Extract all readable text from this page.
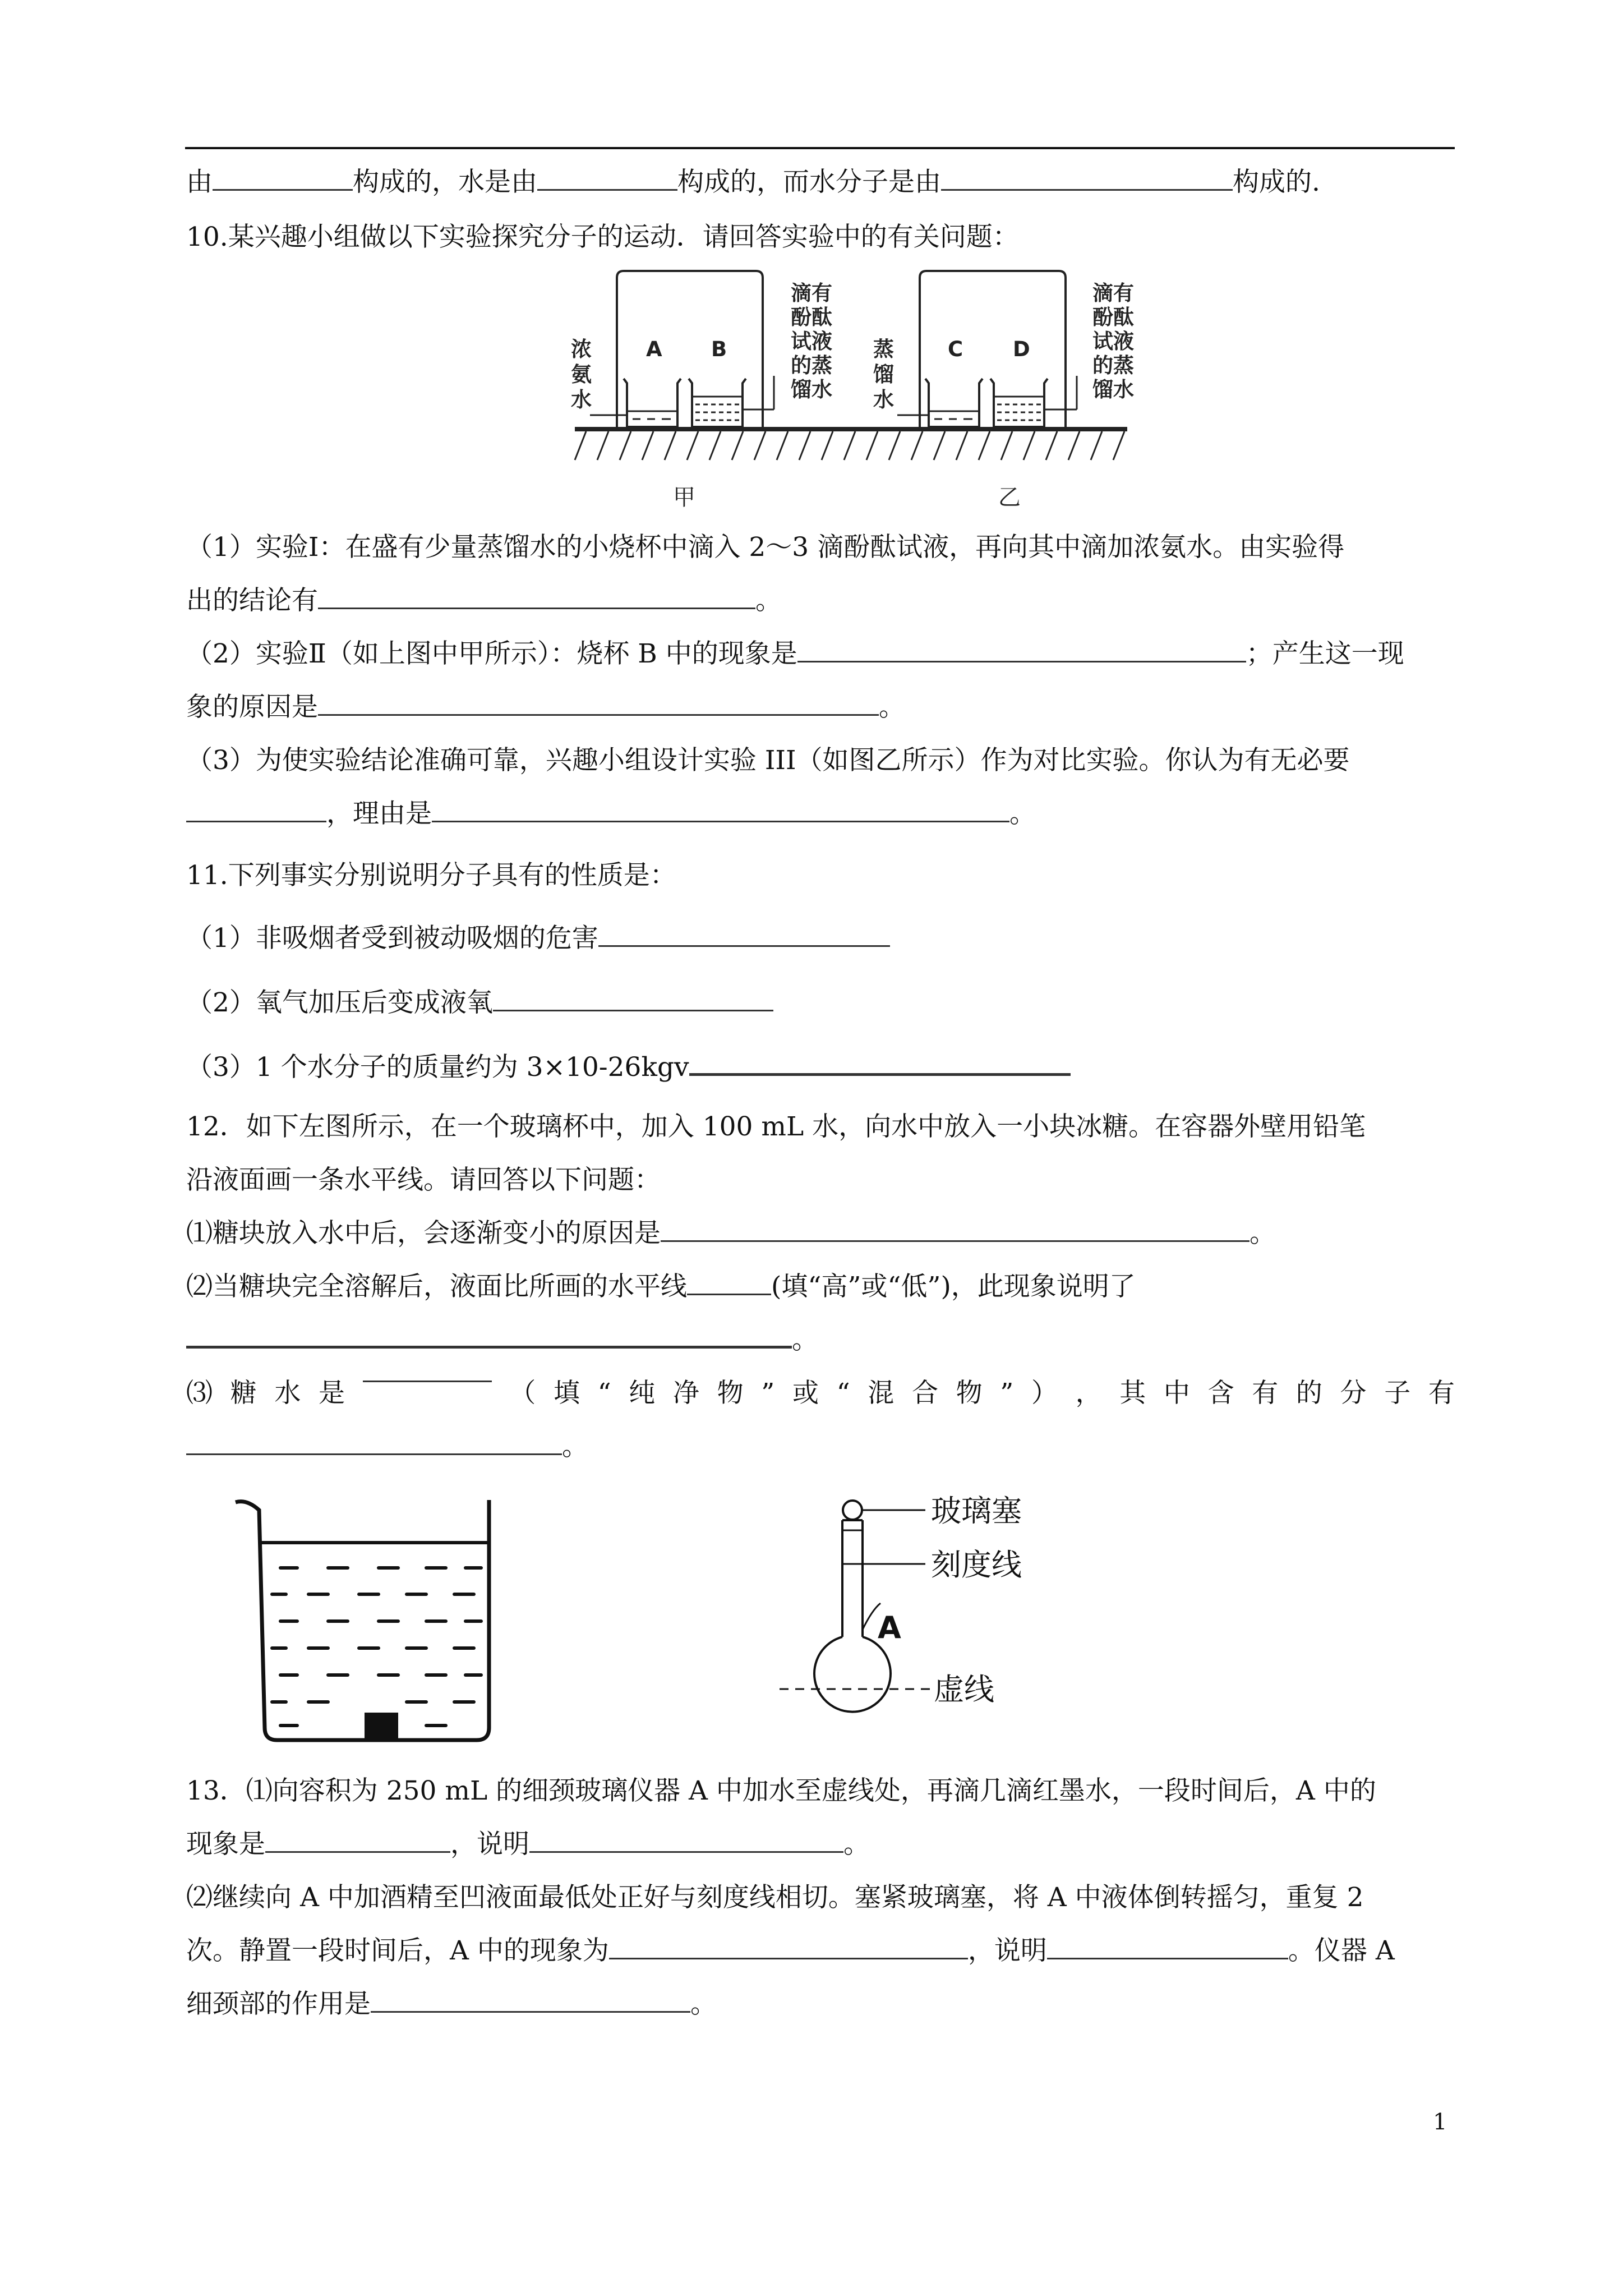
由	构成的，水是由	构成的，而水分子是由	构成的.
10.某兴趣小组做以下实验探究分子的运动．请回答实验中的有关问题：
浓
氨
水
A B
滴有
酚酞
试液
的蒸
馏水
蒸
馏
水
C D
滴有
酚酞
试液
的蒸
馏水
甲	乙
（1）实验Ⅰ：在盛有少量蒸馏水的小烧杯中滴入 2～3 滴酚酞试液，再向其中滴加浓氨水。由实验得
出的结论有	。
（2）实验Ⅱ（如上图中甲所示）：烧杯 B 中的现象是	；产生这一现
象的原因是	。
（3）为使实验结论准确可靠，兴趣小组设计实验 III（如图乙所示）作为对比实验。你认为有无必要
，理由是	。
11.下列事实分别说明分子具有的性质是：
（1）非吸烟者受到被动吸烟的危害
（2）氧气加压后变成液氧
（3）1 个水分子的质量约为 3×10-26kgv
12．如下左图所示，在一个玻璃杯中，加入 100 mL 水，向水中放入一小块冰糖。在容器外壁用铅笔
沿液面画一条水平线。请回答以下问题：
⑴糖块放入水中后，会逐渐变小的原因是	。
⑵当糖块完全溶解后，液面比所画的水平线	(填“高”或“低”)，此现象说明了
。
⑶ 糖 水 是	（ 填 “ 纯 净 物 ” 或 “ 混 合 物 ” ） ， 其 中 含 有 的 分 子 有
。
玻璃塞
刻度线
A
虚线
13．⑴向容积为 250 mL 的细颈玻璃仪器 A 中加水至虚线处，再滴几滴红墨水，一段时间后，A 中的
现象是	，说明	。
⑵继续向 A 中加酒精至凹液面最低处正好与刻度线相切。塞紧玻璃塞，将 A 中液体倒转摇匀，重复 2
次。静置一段时间后，A 中的现象为	，说明	。仪器 A
细颈部的作用是	。
1
